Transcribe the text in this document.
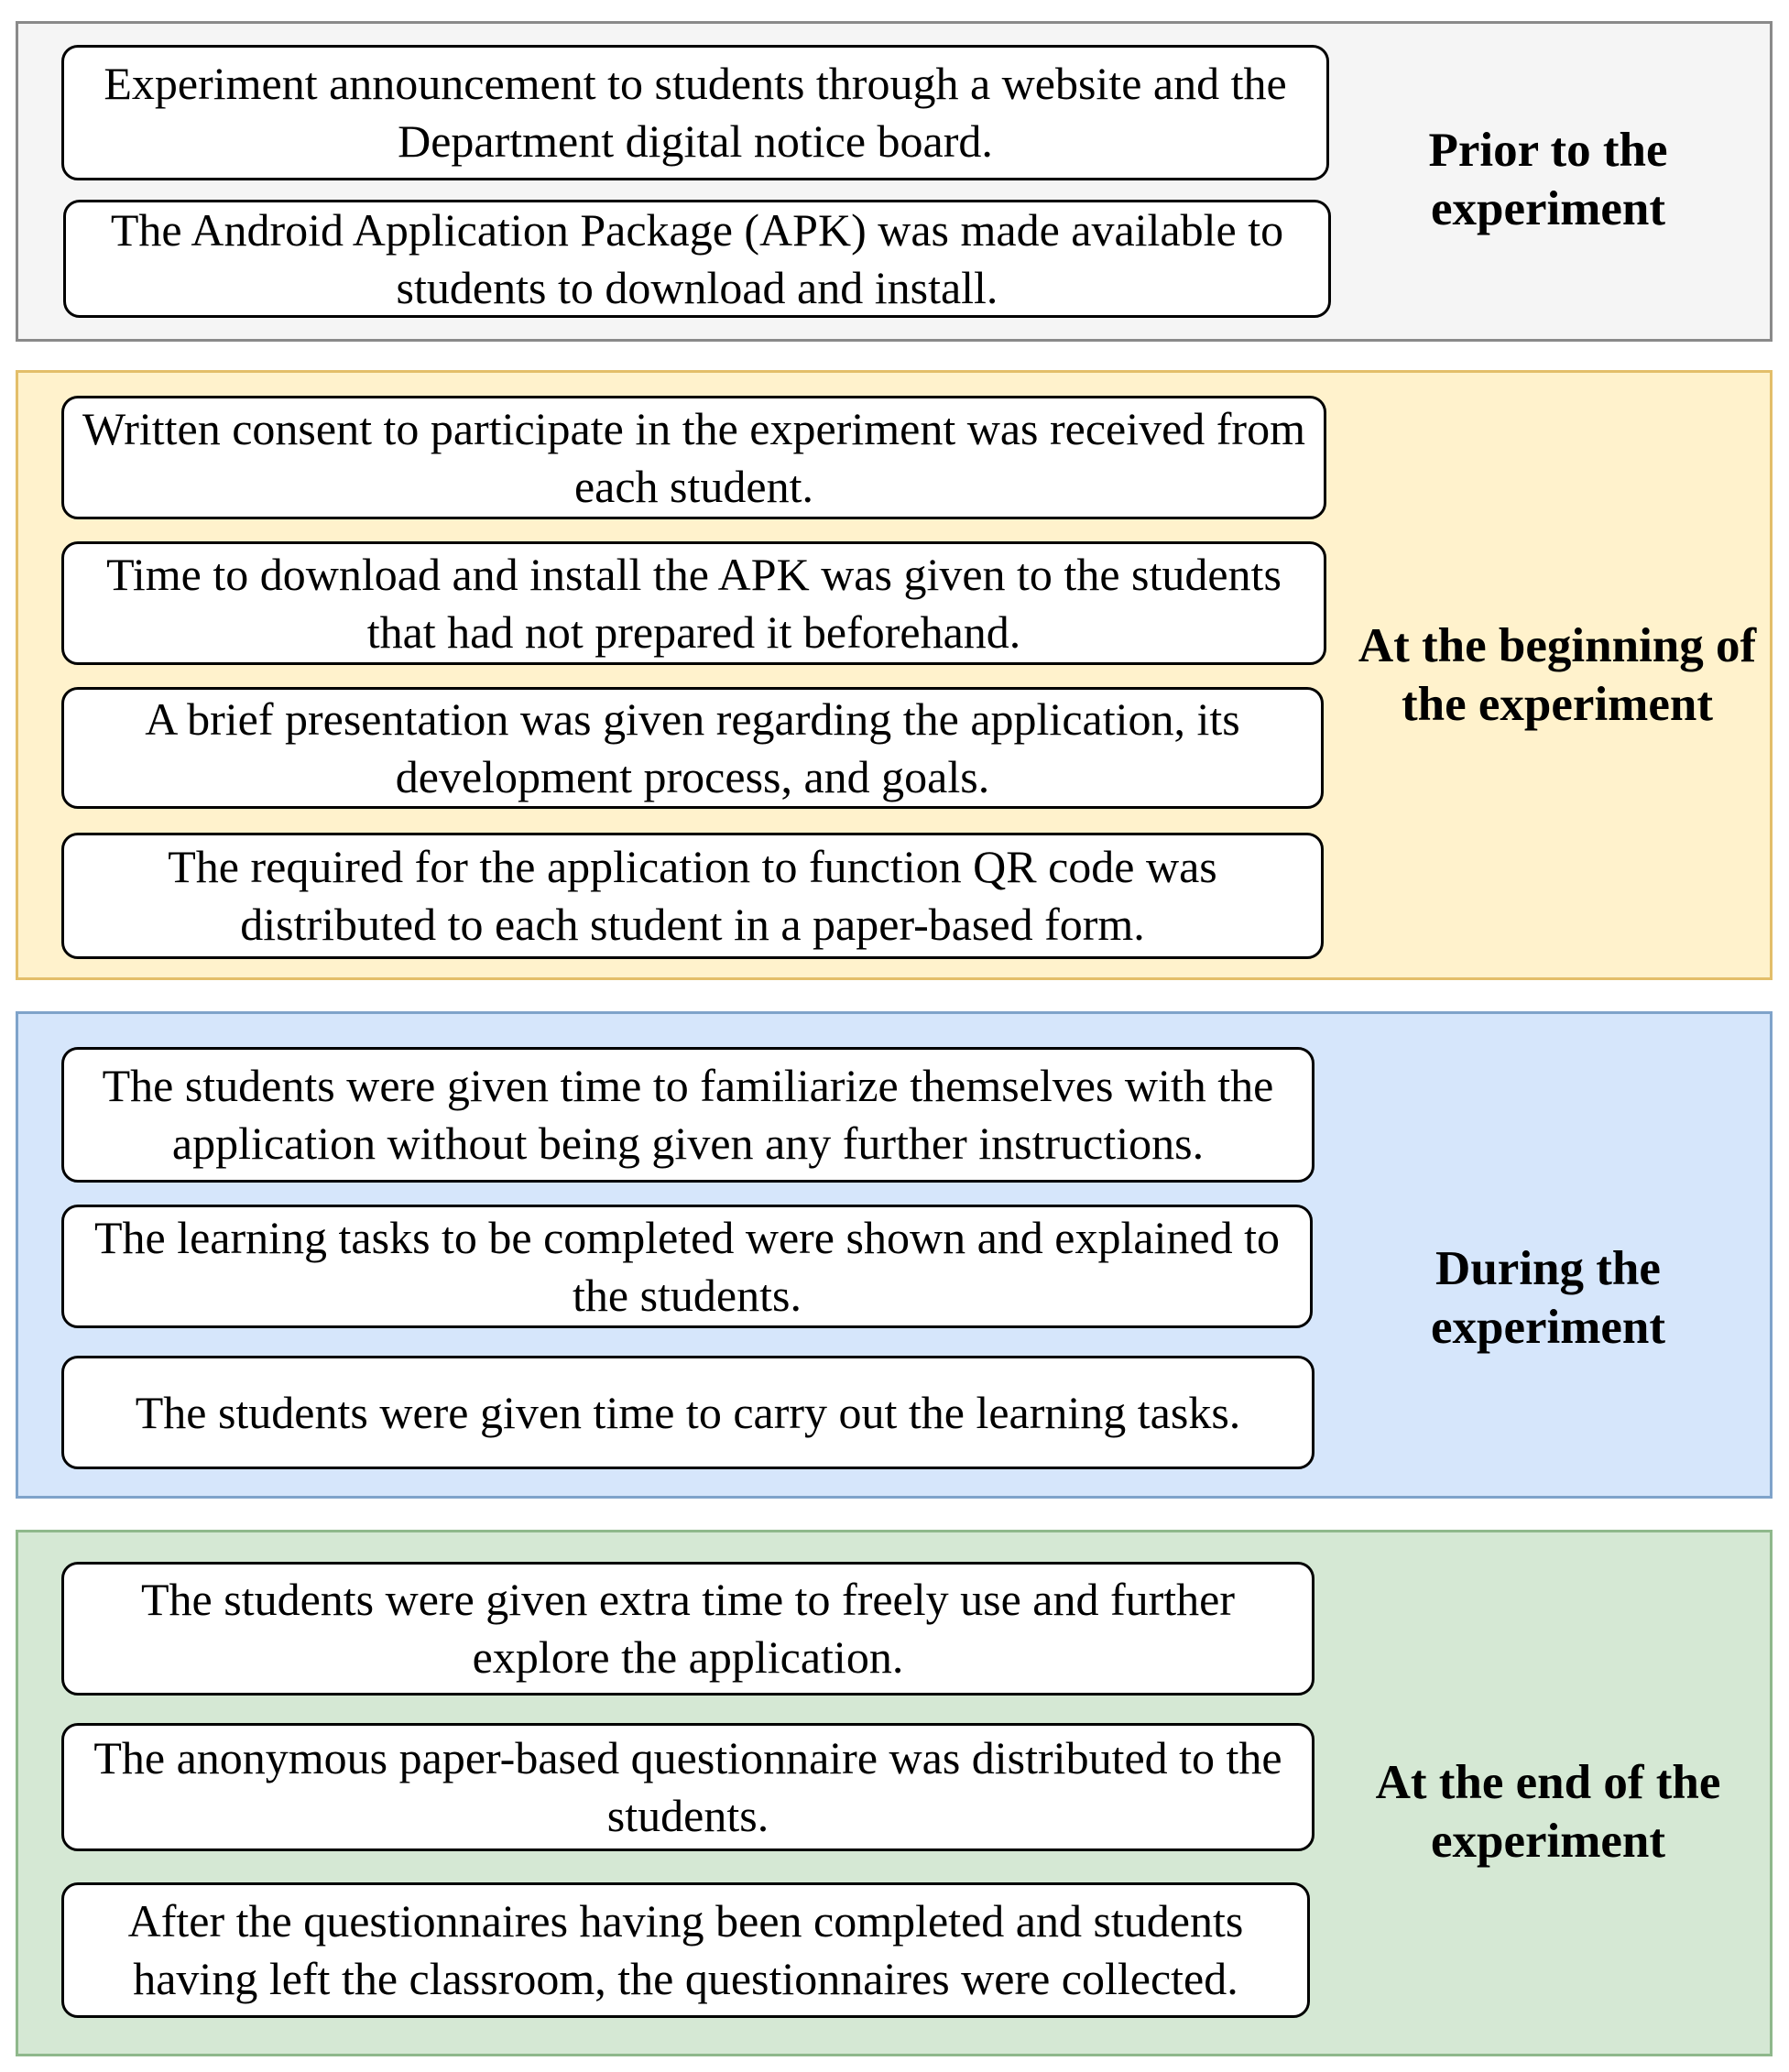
Experiment announcement to students through a website and the Department digital notice board.
The Android Application Package (APK) was made available to students to download and install.
Prior to the experiment
Written consent to participate in the experiment was received from each student.
Time to download and install the APK was given to the students that had not prepared it beforehand.
A brief presentation was given regarding the application, its development process, and goals.
The required for the application to function QR code was distributed to each student in a paper-based form.
At the beginning of the experiment
The students were given time to familiarize themselves with the application without being given any further instructions.
The learning tasks to be completed were shown and explained to the students.
The students were given time to carry out the learning tasks.
During the experiment
The students were given extra time to freely use and further explore the application.
The anonymous paper-based questionnaire was distributed to the students.
After the questionnaires having been completed and students having left the classroom, the questionnaires were collected.
At the end of the experiment
